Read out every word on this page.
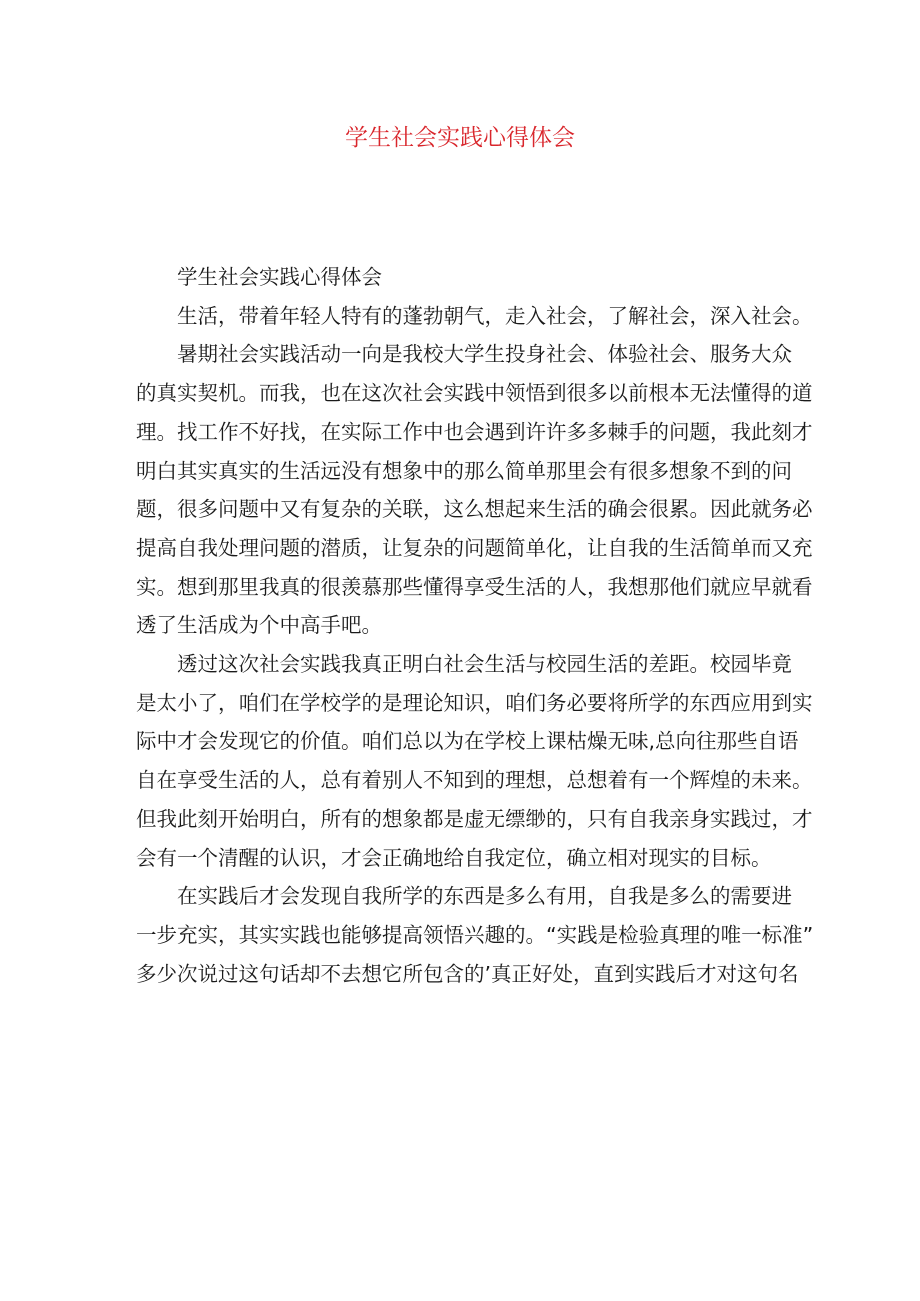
学生社会实践心得体会

学生社会实践心得体会

生活，带着年轻人特有的蓬勃朝气，走入社会，了解社会，深入社会。

暑期社会实践活动一向是我校大学生投身社会、体验社会、服务大众
的真实契机。而我，也在这次社会实践中领悟到很多以前根本无法懂得的道
理。找工作不好找，在实际工作中也会遇到许许多多棘手的问题，我此刻才
明白其实真实的生活远没有想象中的那么简单那里会有很多想象不到的问
题，很多问题中又有复杂的关联，这么想起来生活的确会很累。因此就务必
提高自我处理问题的潜质，让复杂的问题简单化，让自我的生活简单而又充
实。想到那里我真的很羡慕那些懂得享受生活的人，我想那他们就应早就看
透了生活成为个中高手吧。

透过这次社会实践我真正明白社会生活与校园生活的差距。校园毕竟
是太小了，咱们在学校学的是理论知识，咱们务必要将所学的东西应用到实
际中才会发现它的价值。咱们总以为在学校上课枯燥无味,总向往那些自语
自在享受生活的人，总有着别人不知到的理想，总想着有一个辉煌的未来。
但我此刻开始明白，所有的想象都是虚无缥缈的，只有自我亲身实践过，才
会有一个清醒的认识，才会正确地给自我定位，确立相对现实的目标。

在实践后才会发现自我所学的东西是多么有用，自我是多么的需要进
一步充实，其实实践也能够提高领悟兴趣的。“实践是检验真理的唯一标准”
多少次说过这句话却不去想它所包含的’真正好处，直到实践后才对这句名
